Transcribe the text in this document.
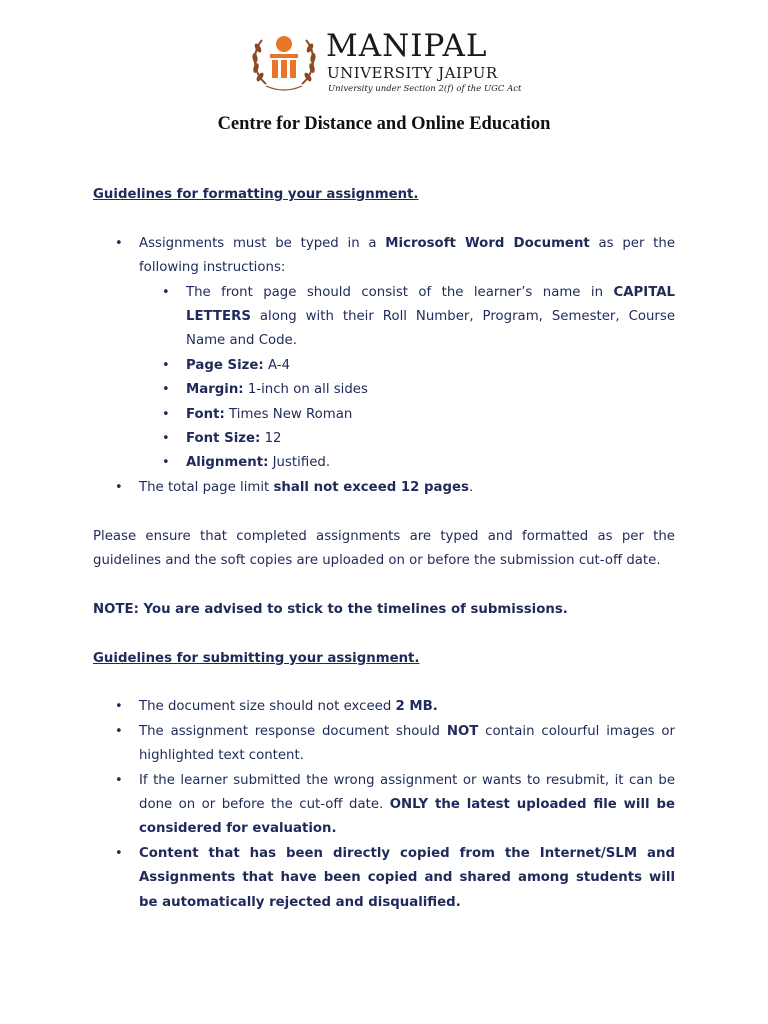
MANIPAL
UNIVERSITY JAIPUR
University under Section 2(f) of the UGC Act
Centre for Distance and Online Education

Guidelines for formatting your assignment.

• Assignments must be typed in a Microsoft Word Document as per the following instructions:
• The front page should consist of the learner’s name in CAPITAL LETTERS along with their Roll Number, Program, Semester, Course Name and Code.
• Page Size: A-4
• Margin: 1-inch on all sides
• Font: Times New Roman
• Font Size: 12
• Alignment: Justified.
• The total page limit shall not exceed 12 pages.

Please ensure that completed assignments are typed and formatted as per the guidelines and the soft copies are uploaded on or before the submission cut-off date.

NOTE: You are advised to stick to the timelines of submissions.

Guidelines for submitting your assignment.

• The document size should not exceed 2 MB.
• The assignment response document should NOT contain colourful images or highlighted text content.
• If the learner submitted the wrong assignment or wants to resubmit, it can be done on or before the cut-off date. ONLY the latest uploaded file will be considered for evaluation.
• Content that has been directly copied from the Internet/SLM and Assignments that have been copied and shared among students will be automatically rejected and disqualified.
